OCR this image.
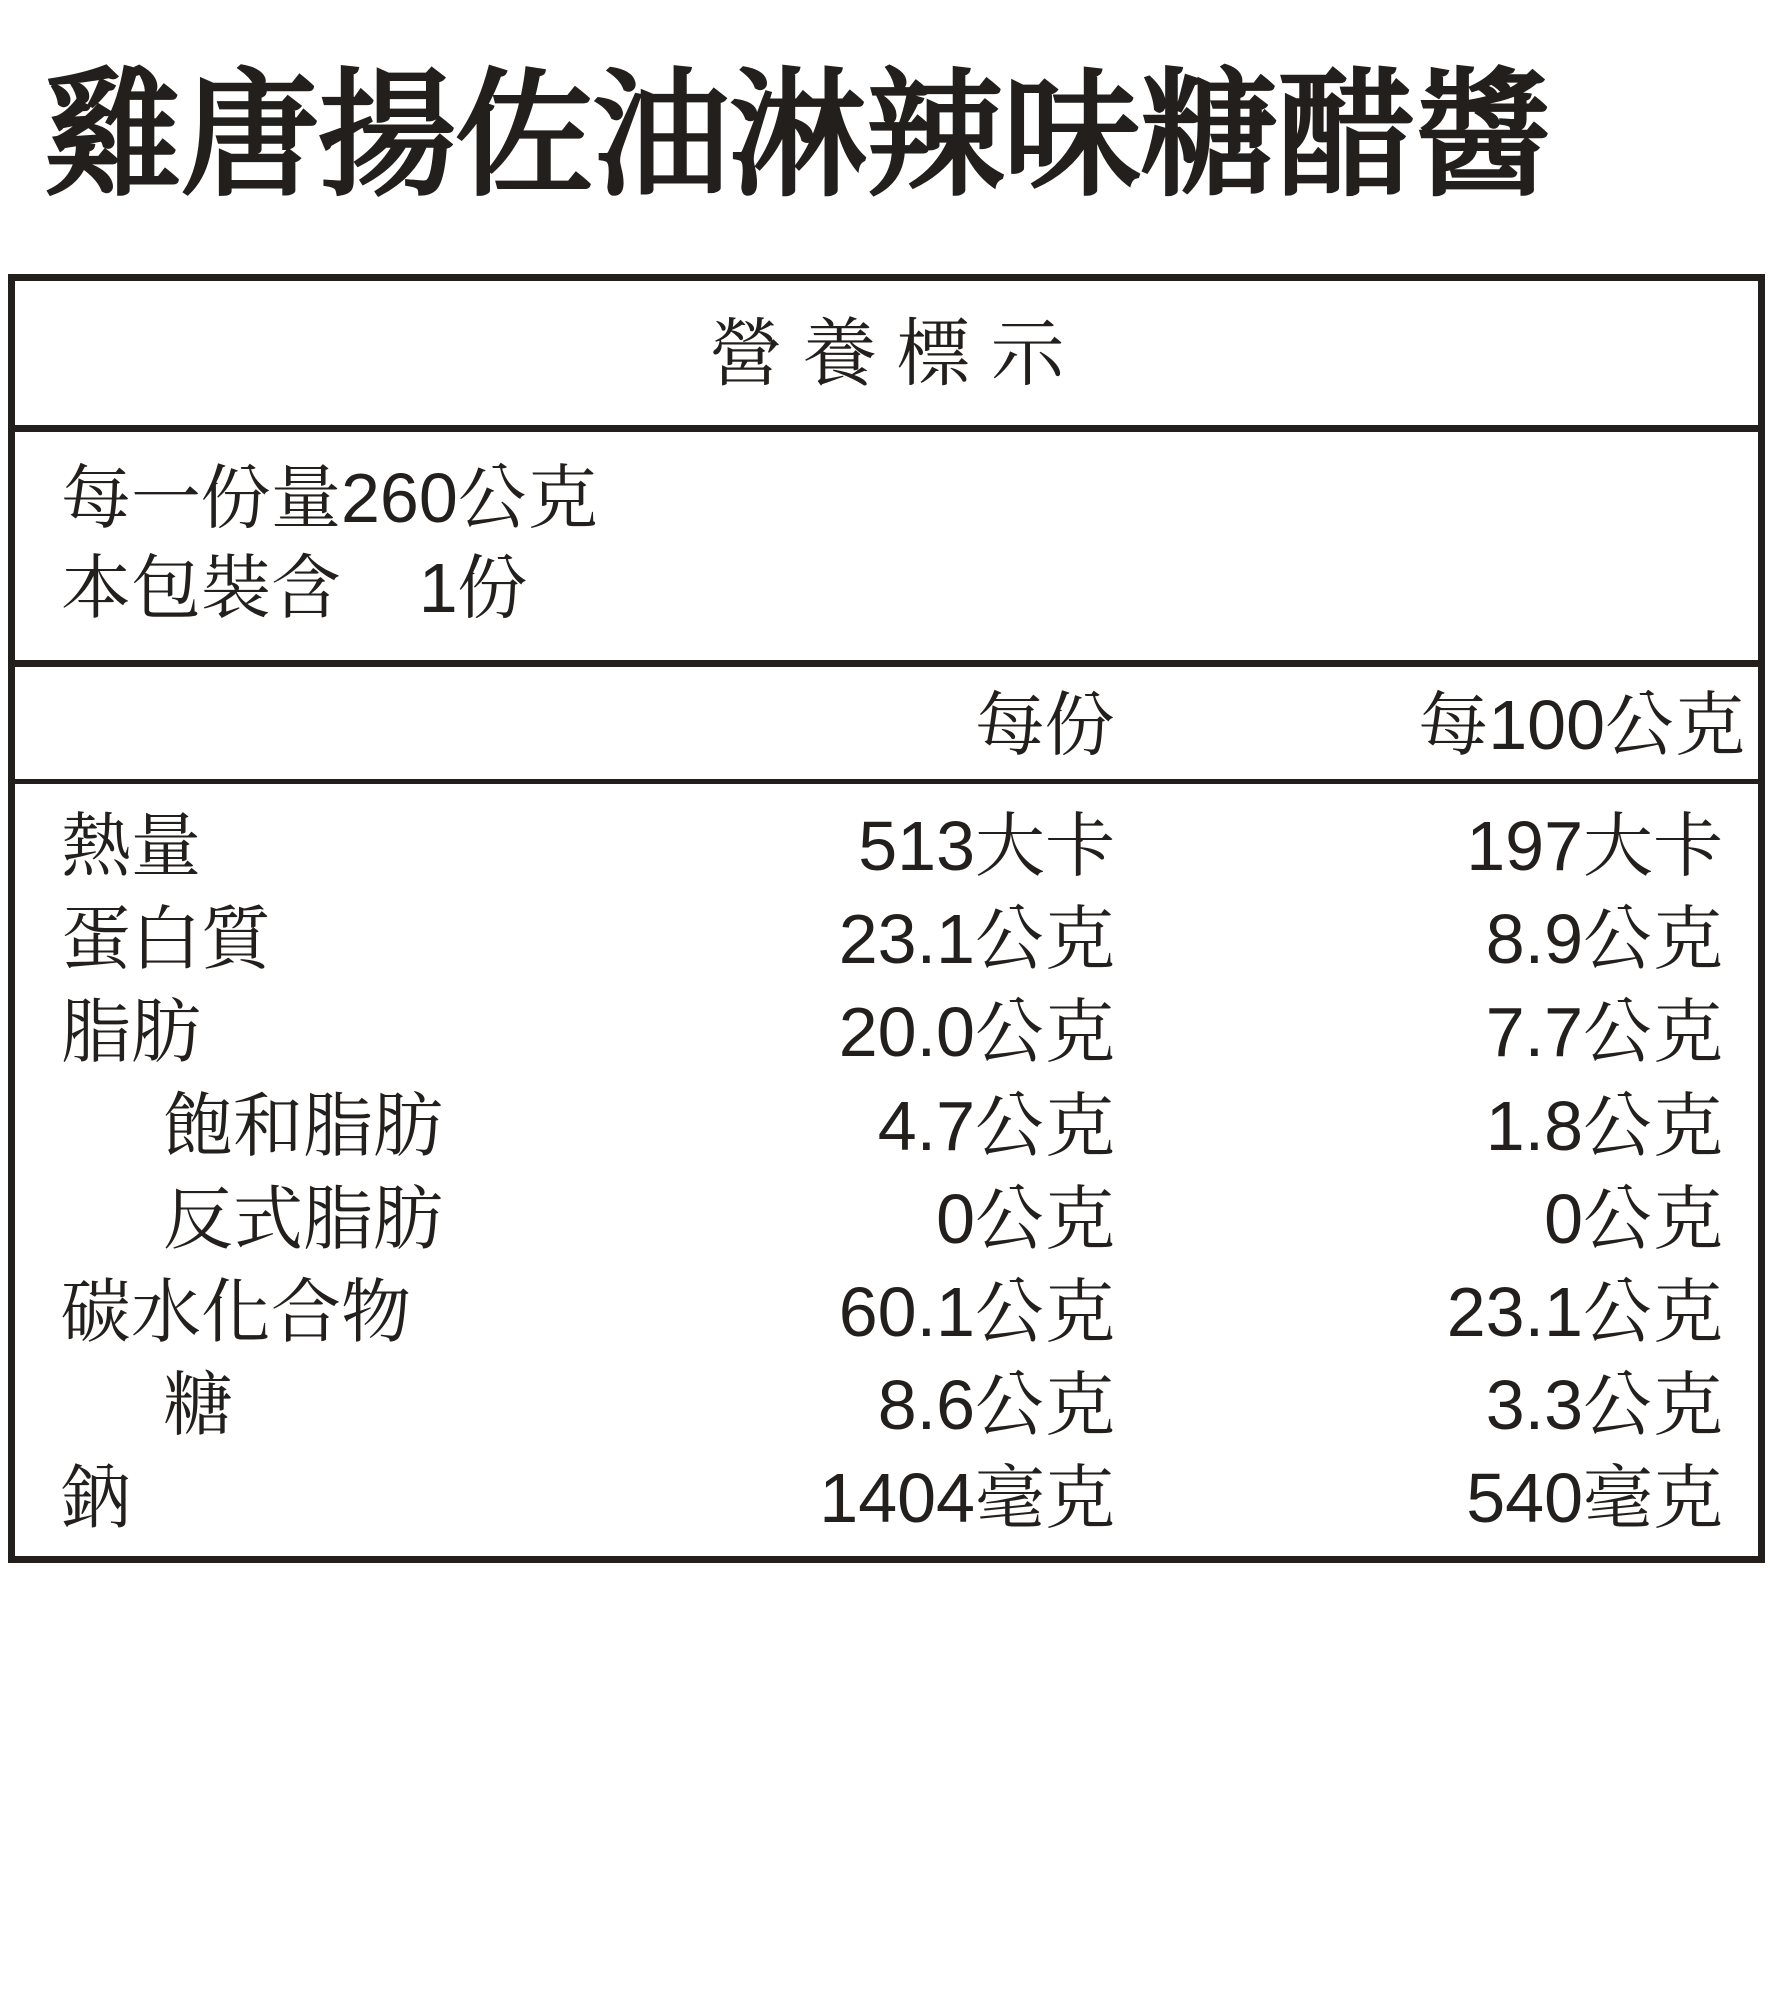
雞唐揚佐油淋辣味糖醋醬
營養標示
每一份量260公克
本包裝含    1份
每份	每100公克
熱量	513大卡	197大卡
蛋白質	23.1公克	8.9公克
脂肪	20.0公克	7.7公克
飽和脂肪	4.7公克	1.8公克
反式脂肪	0公克	0公克
碳水化合物	60.1公克	23.1公克
糖	8.6公克	3.3公克
鈉	1404毫克	540毫克
